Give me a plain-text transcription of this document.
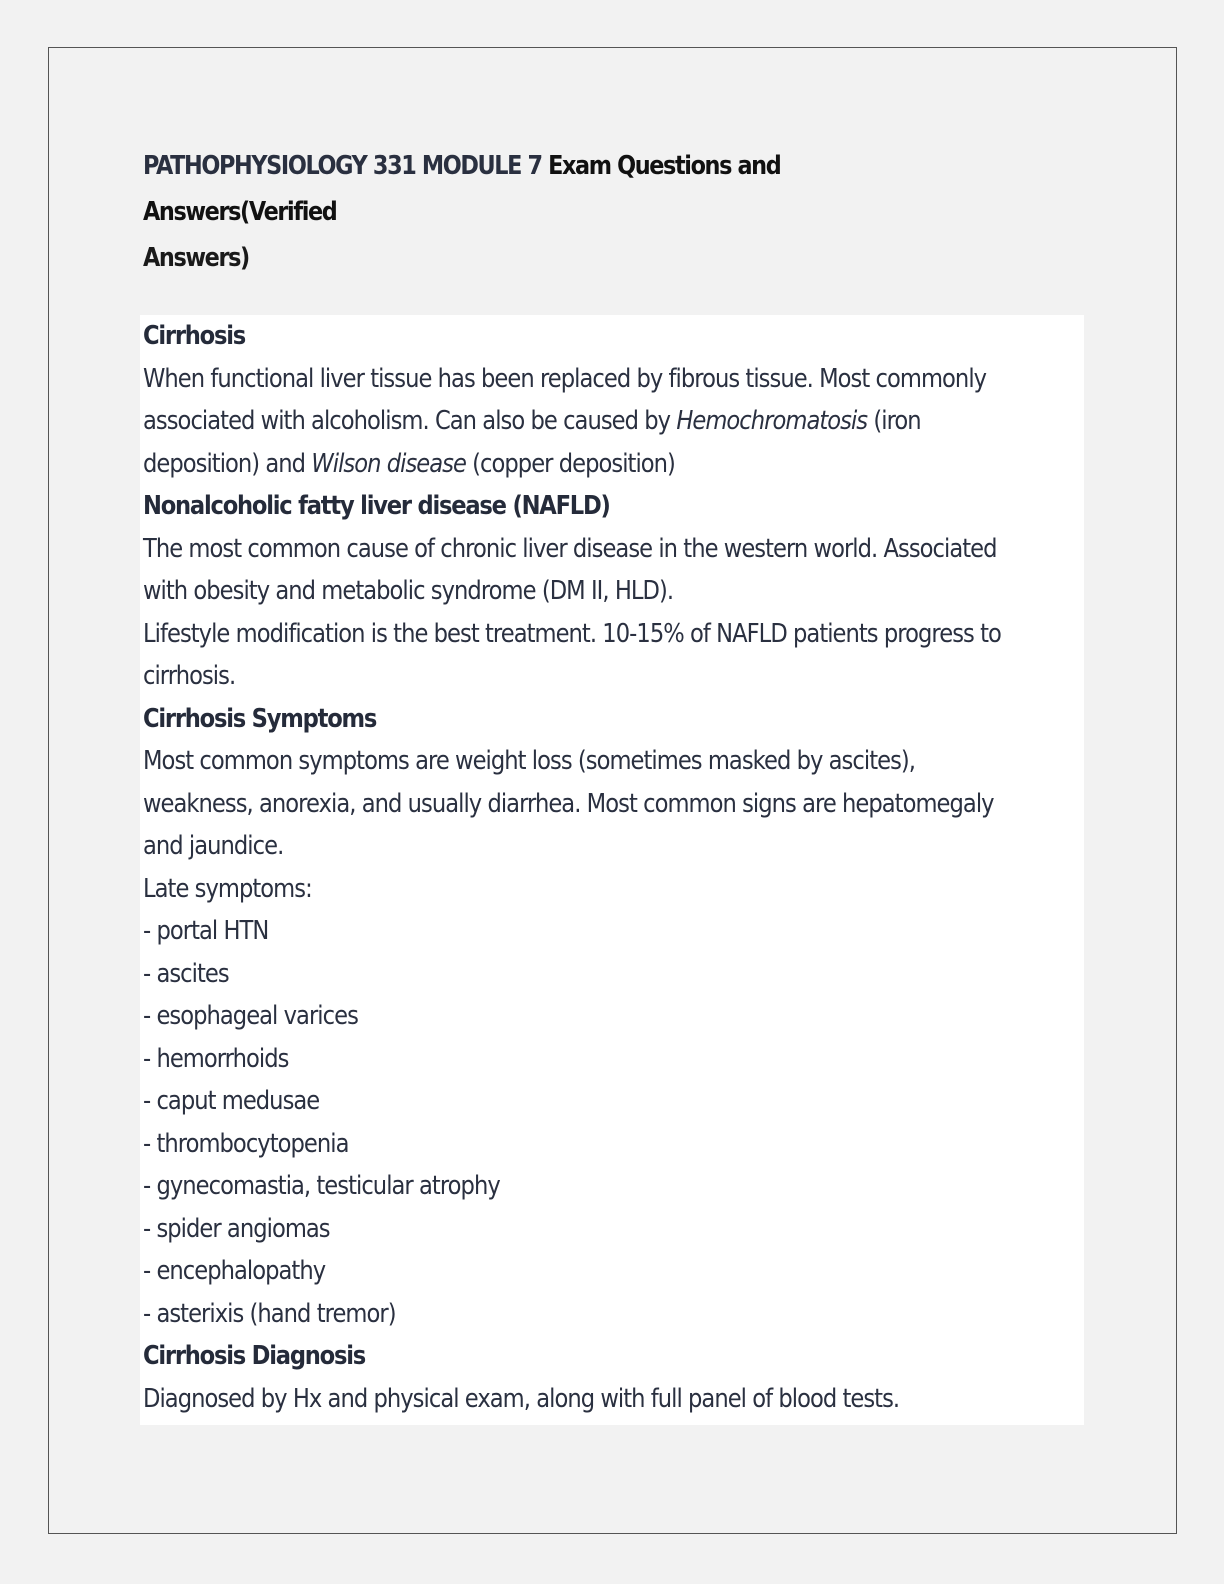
PATHOPHYSIOLOGY 331 MODULE 7 Exam Questions and Answers(Verified
Answers)

Cirrhosis

When functional liver tissue has been replaced by fibrous tissue. Most commonly

associated with alcoholism. Can also be caused by Hemochromatosis (iron

deposition) and Wilson disease (copper deposition)

Nonalcoholic fatty liver disease (NAFLD)

The most common cause of chronic liver disease in the western world. Associated

with obesity and metabolic syndrome (DM II, HLD).

Lifestyle modification is the best treatment. 10-15% of NAFLD patients progress to

cirrhosis.

Cirrhosis Symptoms

Most common symptoms are weight loss (sometimes masked by ascites),

weakness, anorexia, and usually diarrhea. Most common signs are hepatomegaly

and jaundice.

Late symptoms:

- portal HTN

- ascites

- esophageal varices

- hemorrhoids

- caput medusae

- thrombocytopenia

- gynecomastia, testicular atrophy

- spider angiomas

- encephalopathy

- asterixis (hand tremor)

Cirrhosis Diagnosis

Diagnosed by Hx and physical exam, along with full panel of blood tests.
